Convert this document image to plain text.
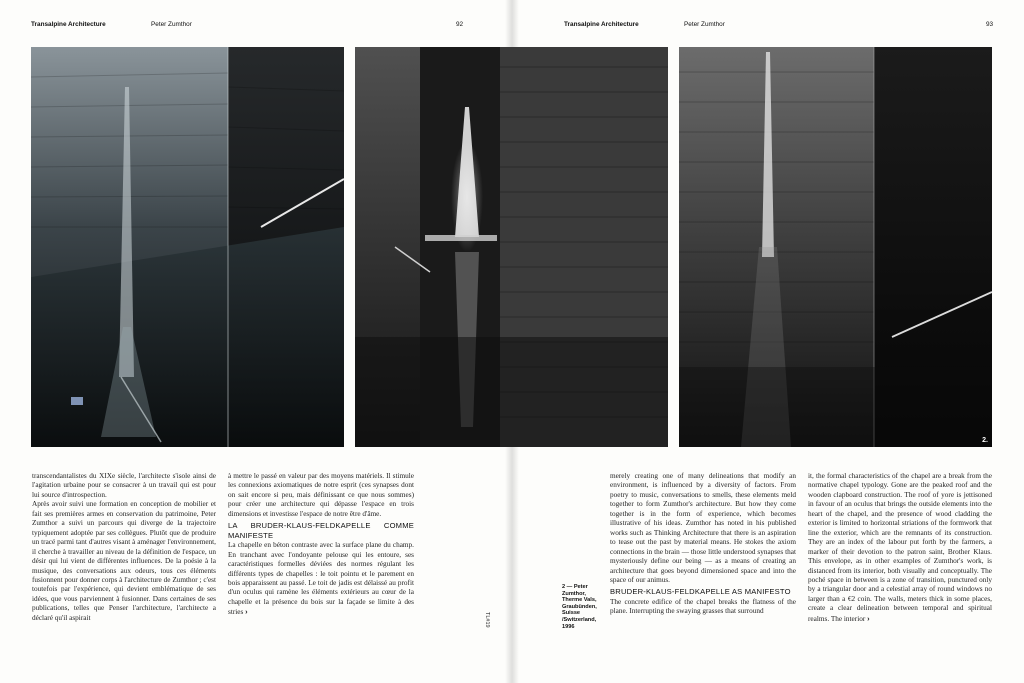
Transalpine Architecture	Peter Zumthor	92	Transalpine Architecture	Peter Zumthor	93
2.

transcendantalistes du XIXe siècle, l'architecte s'isole ainsi de l'agitation urbaine pour se consacrer à un travail qui est pour lui source d'introspection.

Après avoir suivi une formation en conception de mobilier et fait ses premières armes en conservation du patrimoine, Peter Zumthor a suivi un parcours qui diverge de la trajectoire typiquement adoptée par ses collègues. Plutôt que de produire un tracé parmi tant d'autres visant à aménager l'environnement, il cherche à travailler au niveau de la définition de l'espace, un désir qui lui vient de différentes influences. De la poésie à la musique, des conversations aux odeurs, tous ces éléments fusionnent pour donner corps à l'architecture de Zumthor ; c'est toutefois par l'expérience, qui devient emblématique de ses idées, que vous parviennent à fusionner. Dans certaines de ses publications, telles que Penser l'architecture, l'architecte a déclaré qu'il aspirait

à mettre le passé en valeur par des moyens matériels. Il stimule les connexions axiomatiques de notre esprit (ces synapses dont on sait encore si peu, mais définissant ce que nous sommes) pour créer une architecture qui dépasse l'espace en trois dimensions et investisse l'espace de notre être d'âme.

LA BRUDER-KLAUS-FELDKAPELLE COMME MANIFESTE

La chapelle en béton contraste avec la surface plane du champ. En tranchant avec l'ondoyante pelouse qui les entoure, ses caractéristiques formelles déviées des normes régulant les différents types de chapelles : le toit pointu et le parement en bois apparaissent au passé. Le toit de jadis est délaissé au profit d'un oculus qui ramène les éléments extérieurs au cœur de la chapelle et la présence du bois sur la façade se limite à des stries ›

TL#19
2 — Peter
Zumthor,
Therme Vals,
Graubünden,
Suisse
/Switzerland,
1996

merely creating one of many delineations that modify an environment, is influenced by a diversity of factors. From poetry to music, conversations to smells, these elements meld together to form Zumthor's architecture. But how they come together is in the form of experience, which becomes illustrative of his ideas. Zumthor has noted in his published works such as Thinking Architecture that there is an aspiration to tease out the past by material means. He stokes the axiom connections in the brain — those little understood synapses that mysteriously define our being — as a means of creating an architecture that goes beyond dimensioned space and into the space of our animus.

BRUDER-KLAUS-FELDKAPELLE AS MANIFESTO

The concrete edifice of the chapel breaks the flatness of the plane. Interrupting the swaying grasses that surround

it, the formal characteristics of the chapel are a break from the normative chapel typology. Gone are the peaked roof and the wooden clapboard construction. The roof of yore is jettisoned in favour of an oculus that brings the outside elements into the heart of the chapel, and the presence of wood cladding the exterior is limited to horizontal striations of the formwork that line the exterior, which are the remnants of its construction. They are an index of the labour put forth by the farmers, a marker of their devotion to the patron saint, Brother Klaus. This envelope, as in other examples of Zumthor's work, is distanced from its interior, both visually and conceptually. The poché space in between is a zone of transition, punctured only by a triangular door and a celestial array of round windows no larger than a €2 coin. The walls, meters thick in some places, create a clear delineation between temporal and spiritual realms. The interior ›
